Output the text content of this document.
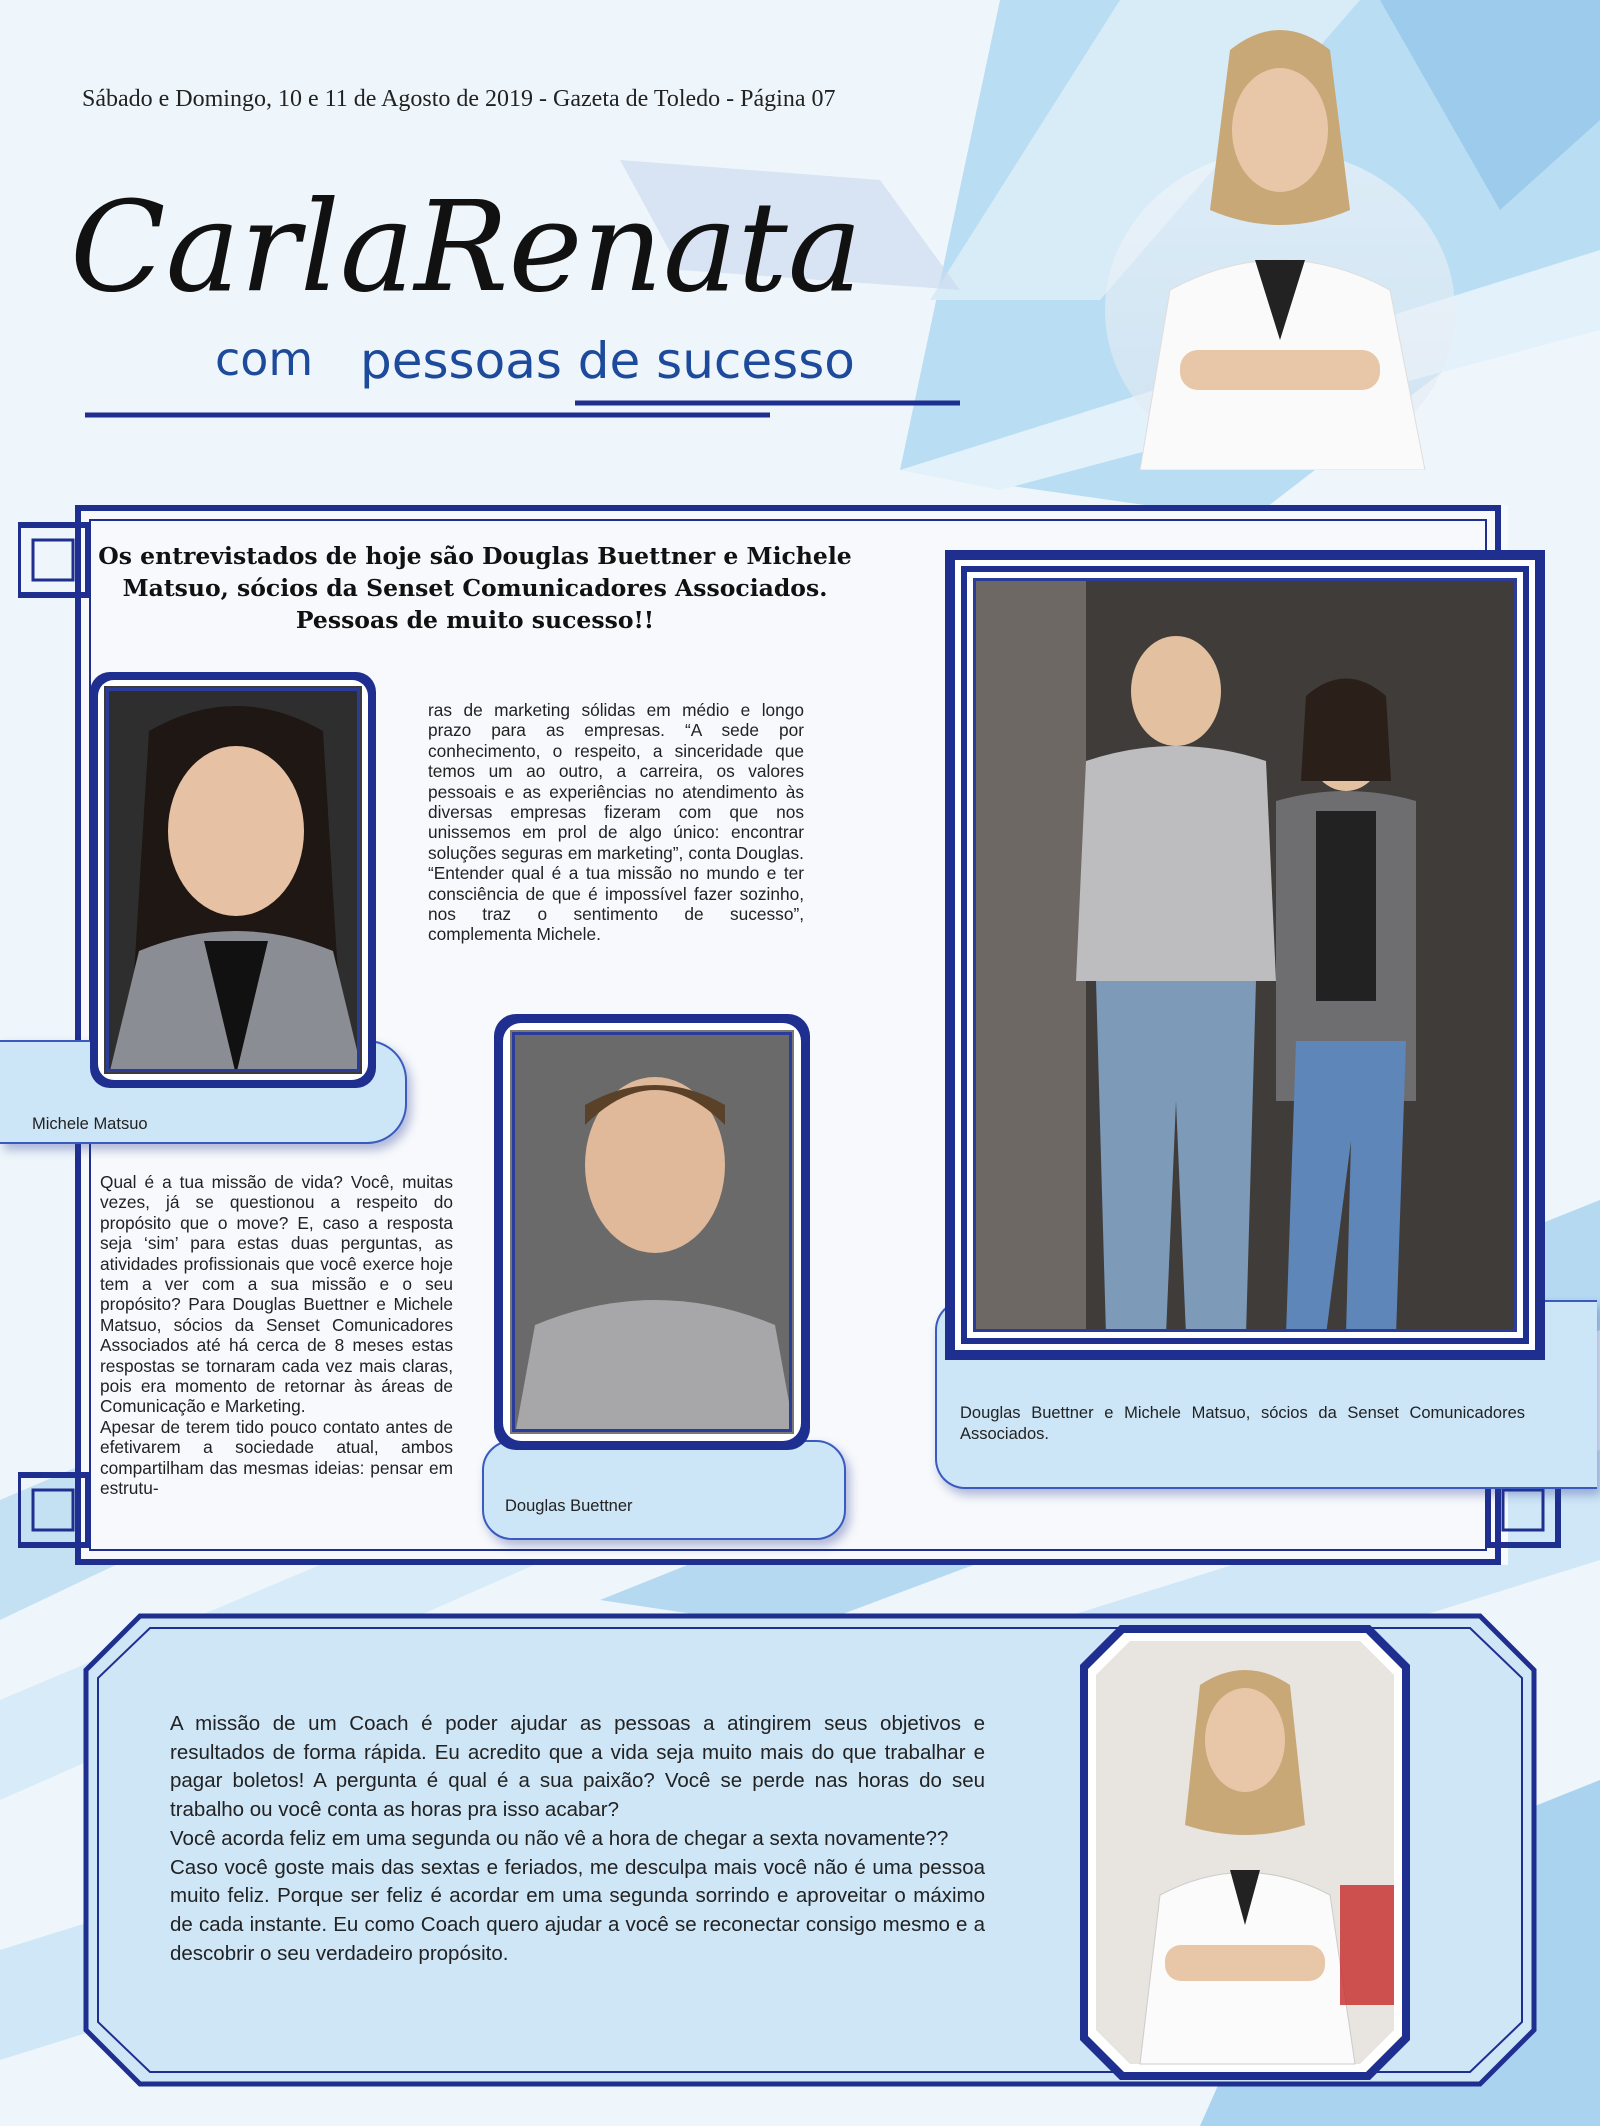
Sábado e Domingo, 10 e 11 de Agosto de 2019 - Gazeta de Toledo - Página 07
CarlaRenata
com pessoas de sucesso
Os entrevistados de hoje são Douglas Buettner e Michele Matsuo, sócios da Senset Comunicadores Associados. Pessoas de muito sucesso!!
Michele Matsuo

Qual é a tua missão de vida? Você, muitas vezes, já se questionou a respeito do propósito que o move? E, caso a resposta seja ‘sim’ para estas duas perguntas, as atividades profissionais que você exerce hoje tem a ver com a sua missão e o seu propósito? Para Douglas Buettner e Michele Matsuo, sócios da Senset Comunicadores Associados até há cerca de 8 meses estas respostas se tornaram cada vez mais claras, pois era momento de retornar às áreas de Comunicação e Marketing.

Apesar de terem tido pouco contato antes de efetivarem a sociedade atual, ambos compartilham das mesmas ideias: pensar em estrutu-

ras de marketing sólidas em médio e longo prazo para as empresas. “A sede por conhecimento, o respeito, a sinceridade que temos um ao outro, a carreira, os valores pessoais e as experiências no atendimento às diversas empresas fizeram com que nos unissemos em prol de algo único: encontrar soluções seguras em marketing”, conta Douglas. “Entender qual é a tua missão no mundo e ter consciência de que é impossível fazer sozinho, nos traz o sentimento de sucesso”, complementa Michele.
Douglas Buettner
Douglas Buettner e Michele Matsuo, sócios da Senset Comunicadores Associados.

A missão de um Coach é poder ajudar as pessoas a atingirem seus objetivos e resultados de forma rápida. Eu acredito que a vida seja muito mais do que trabalhar e pagar boletos! A pergunta é qual é a sua paixão? Você se perde nas horas do seu trabalho ou você conta as horas pra isso acabar?

Você acorda feliz em uma segunda ou não vê a hora de chegar a sexta novamente??

Caso você goste mais das sextas e feriados, me desculpa mais você não é uma pessoa muito feliz. Porque ser feliz é acordar em uma segunda sorrindo e aproveitar o máximo de cada instante. Eu como Coach quero ajudar a você se reconectar consigo mesmo e a descobrir o seu verdadeiro propósito.
